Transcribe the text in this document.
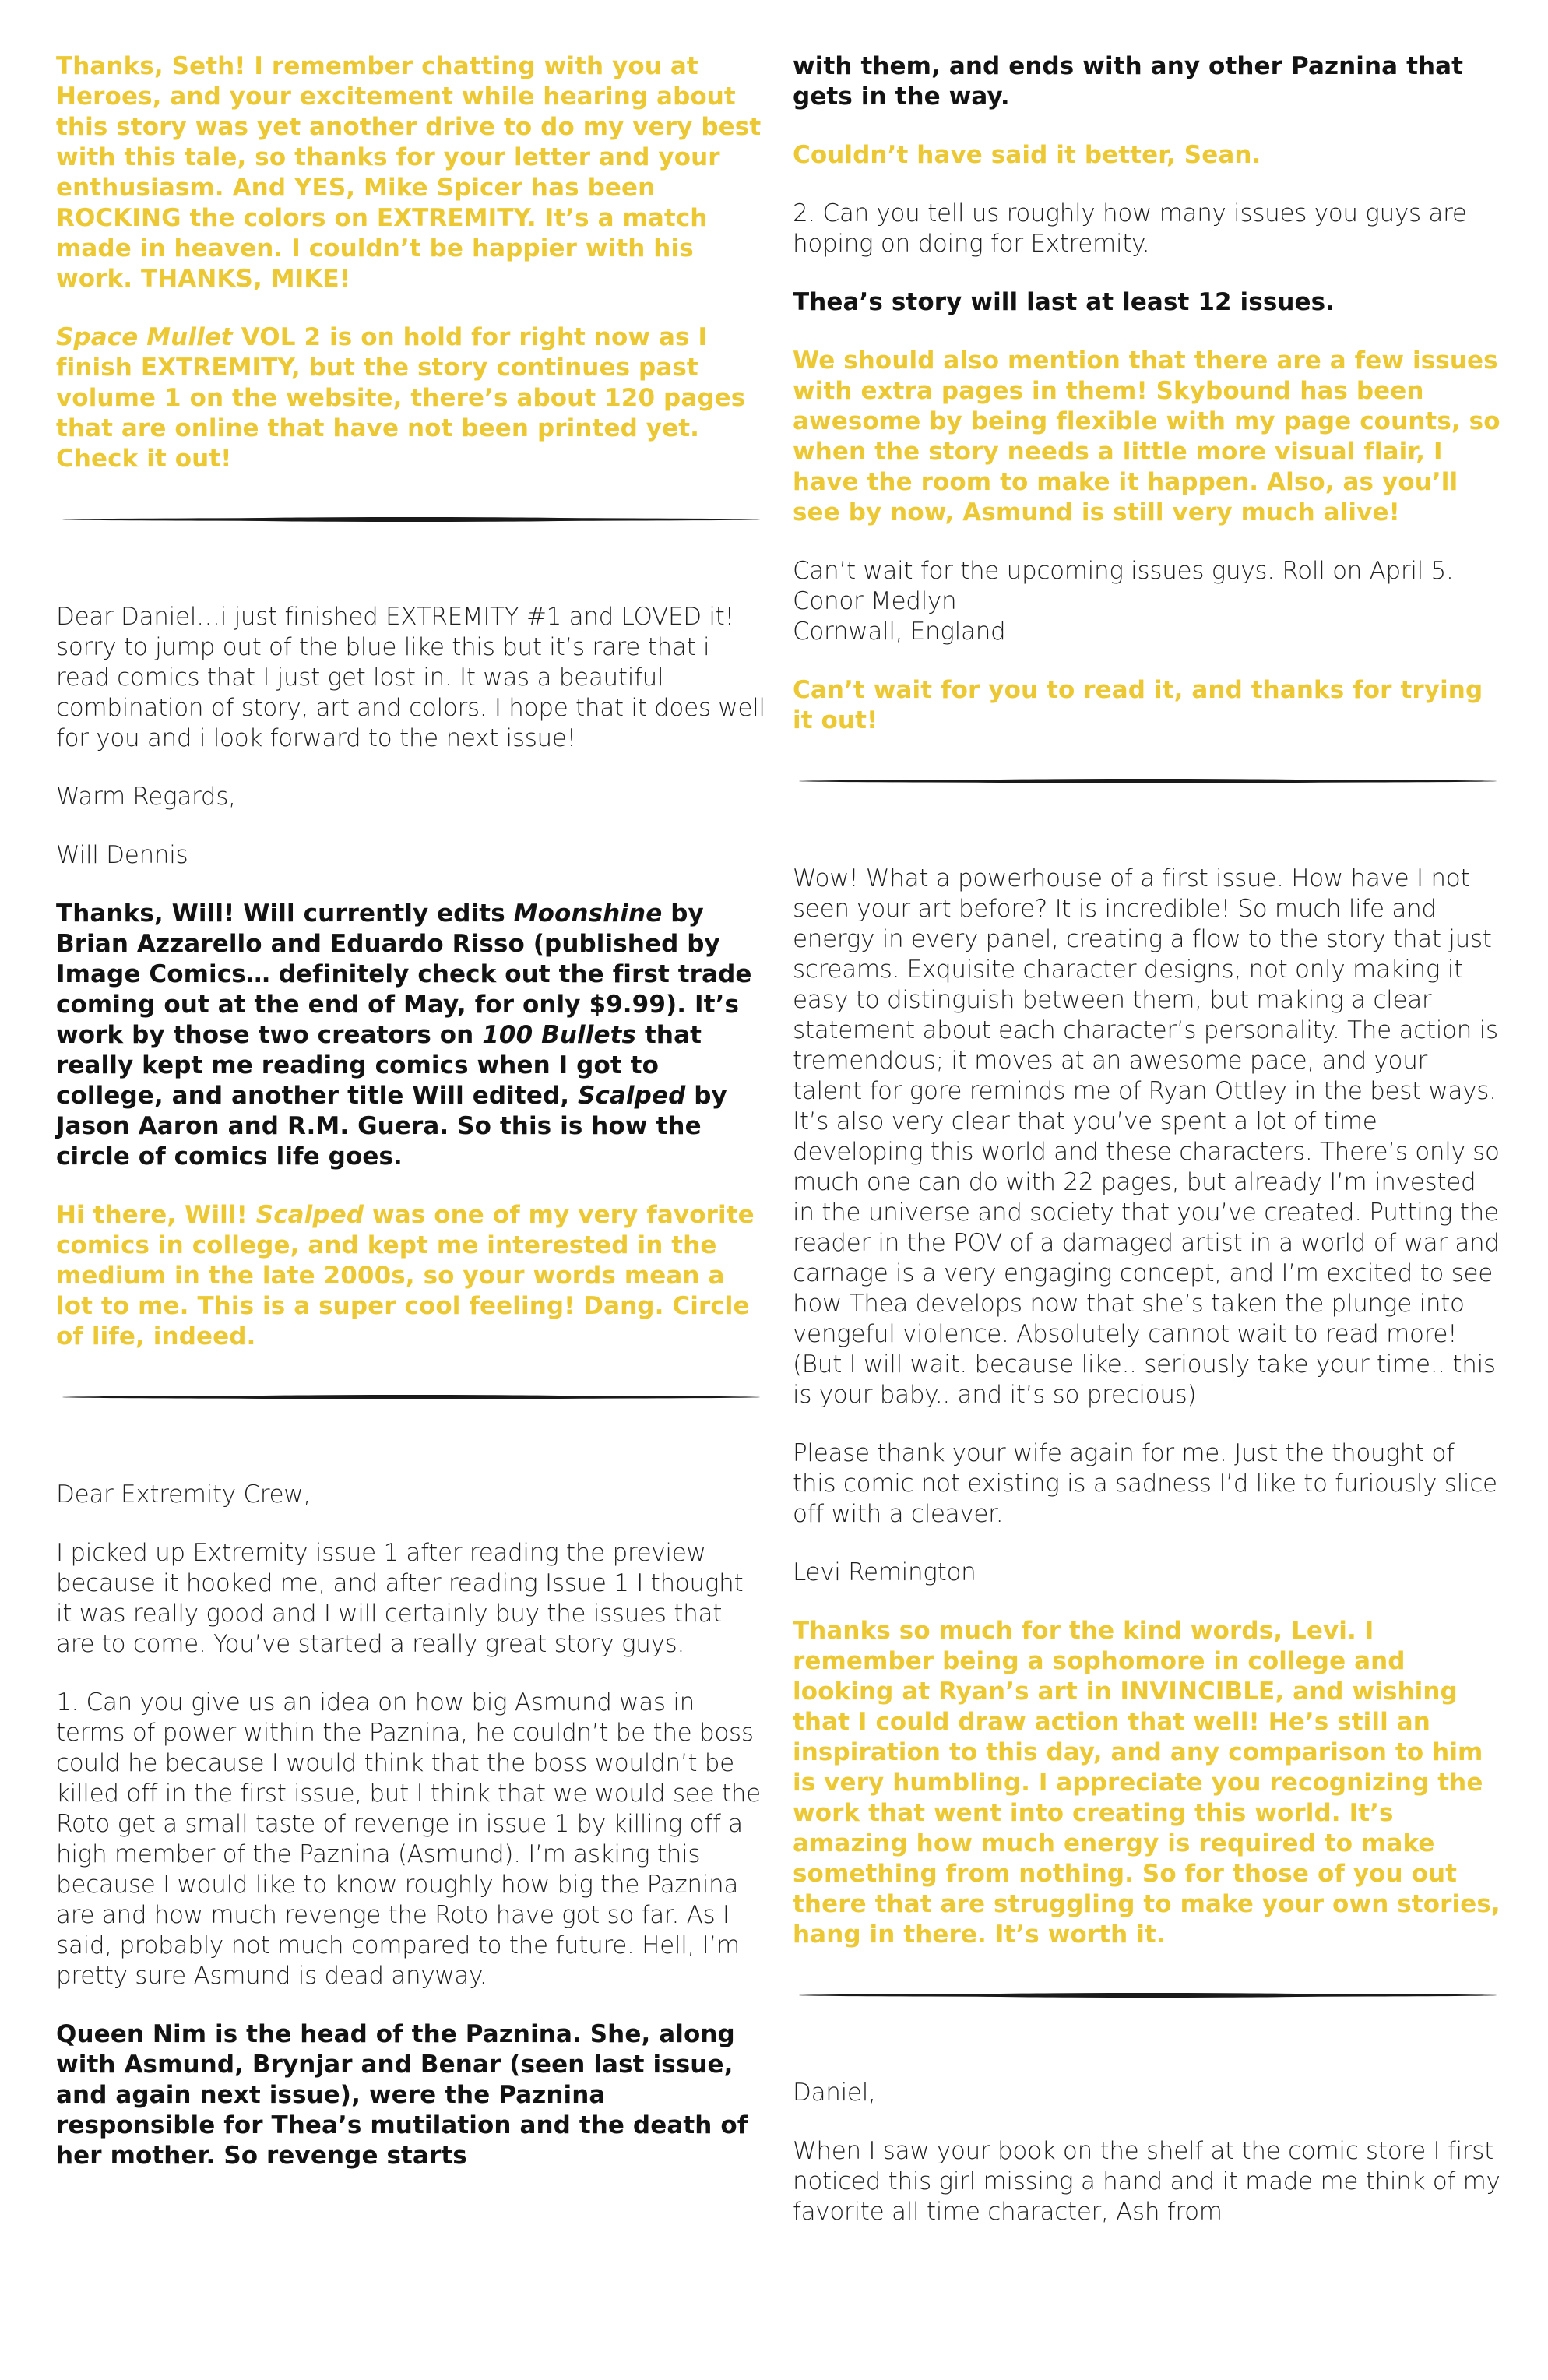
Thanks, Seth! I remember chatting with you at Heroes, and your excitement while hearing about this story was yet another drive to do my very best with this tale, so thanks for your letter and your enthusiasm. And YES, Mike Spicer has been ROCKING the colors on EXTREMITY. It’s a match made in heaven. I couldn’t be happier with his work. THANKS, MIKE!

Space Mullet VOL 2 is on hold for right now as I finish EXTREMITY, but the story continues past volume 1 on the website, there’s about 120 pages that are online that have not been printed yet. Check it out!

Dear Daniel…i just finished EXTREMITY #1 and LOVED it! sorry to jump out of the blue like this but it’s rare that i read comics that I just get lost in. It was a beautiful combination of story, art and colors. I hope that it does well for you and i look forward to the next issue!

Warm Regards,

Will Dennis

Thanks, Will! Will currently edits Moonshine by Brian Azzarello and Eduardo Risso (published by Image Comics… definitely check out the first trade coming out at the end of May, for only $9.99). It’s work by those two creators on 100 Bullets that really kept me reading comics when I got to college, and another title Will edited, Scalped by Jason Aaron and R.M. Guera. So this is how the circle of comics life goes.

Hi there, Will! Scalped was one of my very favorite comics in college, and kept me interested in the medium in the late 2000s, so your words mean a lot to me. This is a super cool feeling! Dang. Circle of life, indeed.

Dear Extremity Crew,

I picked up Extremity issue 1 after reading the preview because it hooked me, and after reading Issue 1 I thought it was really good and I will certainly buy the issues that are to come. You’ve started a really great story guys.

1. Can you give us an idea on how big Asmund was in terms of power within the Paznina, he couldn’t be the boss could he because I would think that the boss wouldn’t be killed off in the first issue, but I think that we would see the Roto get a small taste of revenge in issue 1 by killing off a high member of the Paznina (Asmund). I’m asking this because I would like to know roughly how big the Paznina are and how much revenge the Roto have got so far. As I said, probably not much compared to the future. Hell, I’m pretty sure Asmund is dead anyway.

Queen Nim is the head of the Paznina. She, along with Asmund, Brynjar and Benar (seen last issue, and again next issue), were the Paznina responsible for Thea’s mutilation and the death of her mother. So revenge starts

with them, and ends with any other Paznina that gets in the way.

Couldn’t have said it better, Sean.

2. Can you tell us roughly how many issues you guys are hoping on doing for Extremity.

Thea’s story will last at least 12 issues.

We should also mention that there are a few issues with extra pages in them! Skybound has been awesome by being flexible with my page counts, so when the story needs a little more visual flair, I have the room to make it happen. Also, as you’ll see by now, Asmund is still very much alive!

Can’t wait for the upcoming issues guys. Roll on April 5.
Conor Medlyn
Cornwall, England

Can’t wait for you to read it, and thanks for trying it out!

Wow! What a powerhouse of a first issue. How have I not seen your art before? It is incredible! So much life and energy in every panel, creating a flow to the story that just screams. Exquisite character designs, not only making it easy to distinguish between them, but making a clear statement about each character’s personality. The action is tremendous; it moves at an awesome pace, and your talent for gore reminds me of Ryan Ottley in the best ways. It’s also very clear that you’ve spent a lot of time developing this world and these characters. There’s only so much one can do with 22 pages, but already I’m invested in the universe and society that you’ve created. Putting the reader in the POV of a damaged artist in a world of war and carnage is a very engaging concept, and I’m excited to see how Thea develops now that she’s taken the plunge into vengeful violence. Absolutely cannot wait to read more! (But I will wait. because like.. seriously take your time.. this is your baby.. and it’s so precious)

Please thank your wife again for me. Just the thought of this comic not existing is a sadness I’d like to furiously slice off with a cleaver.

Levi Remington

Thanks so much for the kind words, Levi. I remember being a sophomore in college and looking at Ryan’s art in INVINCIBLE, and wishing that I could draw action that well! He’s still an inspiration to this day, and any comparison to him is very humbling. I appreciate you recognizing the work that went into creating this world. It’s amazing how much energy is required to make something from nothing. So for those of you out there that are struggling to make your own stories, hang in there. It’s worth it.

Daniel,

When I saw your book on the shelf at the comic store I first noticed this girl missing a hand and it made me think of my favorite all time character, Ash from
